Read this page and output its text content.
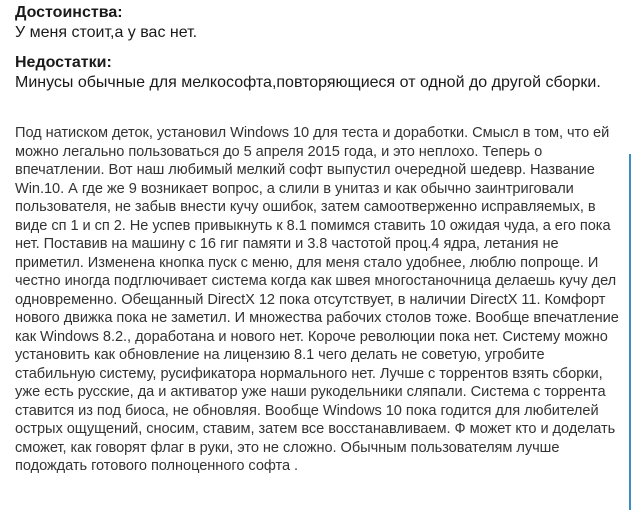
Достоинства:
У меня стоит,а у вас нет.
Недостатки:
Минусы обычные для мелкософта,повторяющиеся от одной до другой сборки.

Под натиском деток, установил Windows 10 для теста и доработки. Смысл в том, что ей можно легально пользоваться до 5 апреля 2015 года, и это неплохо. Теперь о впечатлении. Вот наш любимый мелкий софт выпустил очередной шедевр. Название Win.10. А где же 9 возникает вопрос, а слили в унитаз и как обычно заинтриговали пользователя, не забыв внести кучу ошибок, затем самоотверженно исправляемых, в виде сп 1 и сп 2. Не успев привыкнуть к 8.1 помимся ставить 10 ожидая чуда, а его пока нет. Поставив на машину с 16 гиг памяти и 3.8 частотой проц.4 ядра, летания не приметил. Изменена кнопка пуск с меню, для меня стало удобнее, люблю попроще. И честно иногда подглючивает система когда как швея многостаночница делаешь кучу дел одновременно. Обещанный DirectX 12 пока отсутствует, в наличии DirectX 11. Комфорт нового движка пока не заметил. И множества рабочих столов тоже. Вообще впечатление как Windows 8.2., доработана и нового нет. Короче революции пока нет. Систему можно установить как обновление на лицензию 8.1 чего делать не советую, угробите стабильную систему, русификатора нормального нет. Лучше с торрентов взять сборки, уже есть русские, да и активатор уже наши рукодельники сляпали. Система с торрента ставится из под биоса, не обновляя. Вообще Windows 10 пока годится для любителей острых ощущений, сносим, ставим, затем все восстанавливаем. Ф может кто и доделать сможет, как говорят флаг в руки, это не сложно. Обычным пользователям лучше подождать готового полноценного софта .
